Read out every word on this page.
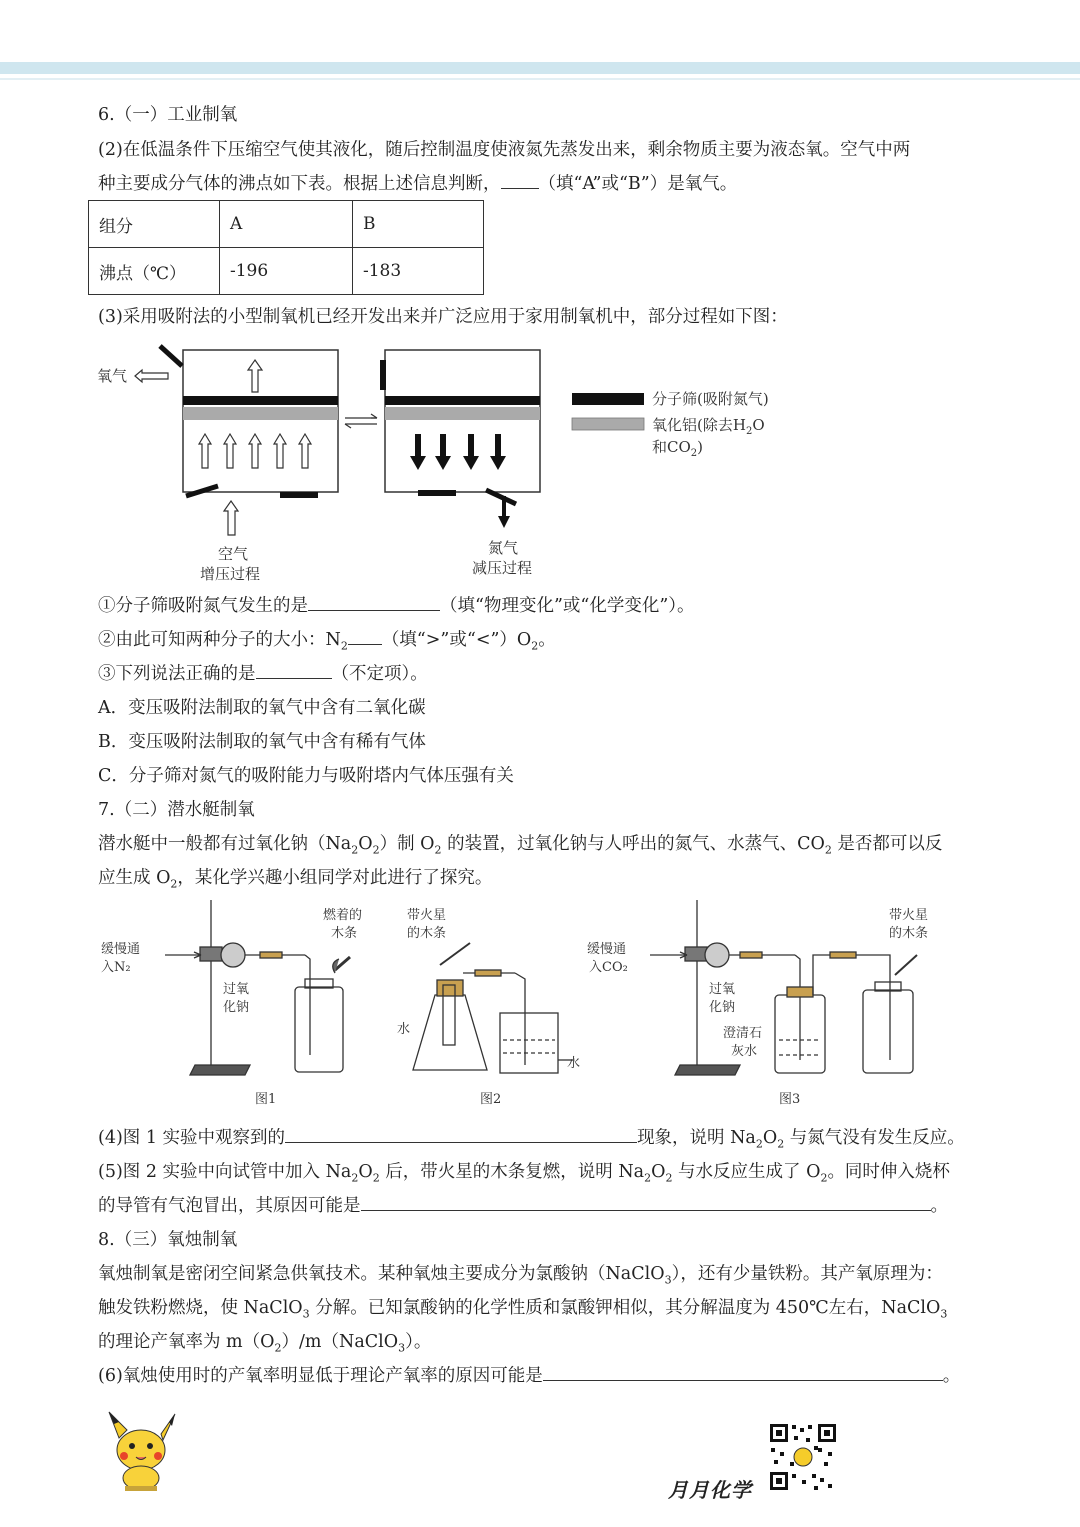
6.（一）工业制氧
(2)在低温条件下压缩空气使其液化，随后控制温度使液氮先蒸发出来，剩余物质主要为液态氧。空气中两
种主要成分气体的沸点如下表。根据上述信息判断， （填“A”或“B”）是氧气。
组分	A	B
沸点（℃）	-196	-183
(3)采用吸附法的小型制氧机已经开发出来并广泛应用于家用制氧机中，部分过程如下图：
氧气
空气
增压过程
氮气
减压过程
分子筛(吸附氮气)
氧化铝(除去$H_2O$
和$CO_2$)
①分子筛吸附氮气发生的是	（填“物理变化”或“化学变化”）。
②由此可知两种分子的大小：$N_2$ （填“>”或“$<”)O_2$。
③下列说法正确的是	（不定项）。
A．变压吸附法制取的氧气中含有二氧化碳
B．变压吸附法制取的氧气中含有稀有气体
C．分子筛对氮气的吸附能力与吸附塔内气体压强有关
7.（二）潜水艇制氧
潜水艇中一般都有过氧化钠$(Na_2O_2)$制 $O_2$ 的装置，过氧化钠与人呼出的氮气、水蒸气、$CO_2$ 是否都可以反
应生成 $O_2$，某化学兴趣小组同学对此进行了探究。
缓慢通
入N₂
燃着的
木条
过氧
化钠
图1
带火星
的木条
水
水
图2
缓慢通
入CO₂
过氧
化钠
澄清石
灰水
带火星
的木条
图3
(4)图 1 实验中观察到的	现象，说明 $Na_2O_2$ 与氮气没有发生反应。
(5)图 2 实验中向试管中加入 $Na_2O_2$ 后，带火星的木条复燃，说明 $Na_2O_2$ 与水反应生成了 $O_2$。同时伸入烧杯
的导管有气泡冒出，其原因可能是	。
8.（三）氧烛制氧
氧烛制氧是密闭空间紧急供氧技术。某种氧烛主要成分为氯酸钠（NaClO$_3$），还有少量铁粉。其产氧原理为：
触发铁粉燃烧，使 NaClO$_3$ 分解。已知氯酸钠的化学性质和氯酸钾相似，其分解温度为 450℃左右，NaClO$_3$
的理论产氧率为 $m(O_2)/m(NaClO_3)$。
(6)氧烛使用时的产氧率明显低于理论产氧率的原因可能是	。
月月化学
